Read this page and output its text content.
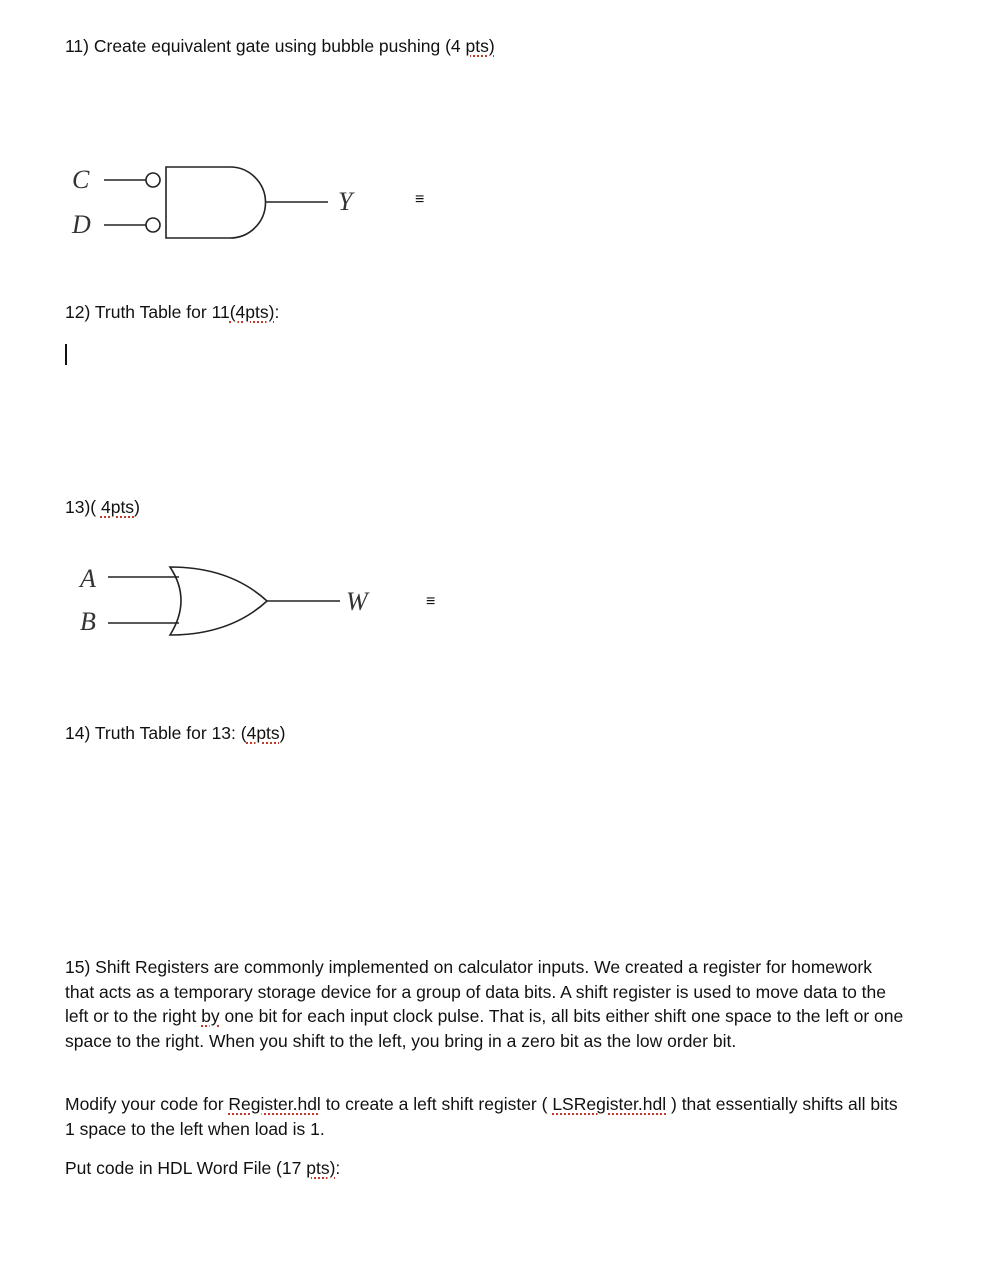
11) Create equivalent gate using bubble pushing (4 pts)

C
D
Y	≡

12) Truth Table for 11(4pts):

13)( 4pts)

A
B
W	≡

14) Truth Table for 13: (4pts)

15) Shift Registers are commonly implemented on calculator inputs. We created a register for homework that acts as a temporary storage device for a group of data bits. A shift register is used to move data to the left or to the right by one bit for each input clock pulse. That is, all bits either shift one space to the left or one space to the right. When you shift to the left, you bring in a zero bit as the low order bit.

Modify your code for Register.hdl to create a left shift register ( LSRegister.hdl ) that essentially shifts all bits 1 space to the left when load is 1.

Put code in HDL Word File (17 pts):
